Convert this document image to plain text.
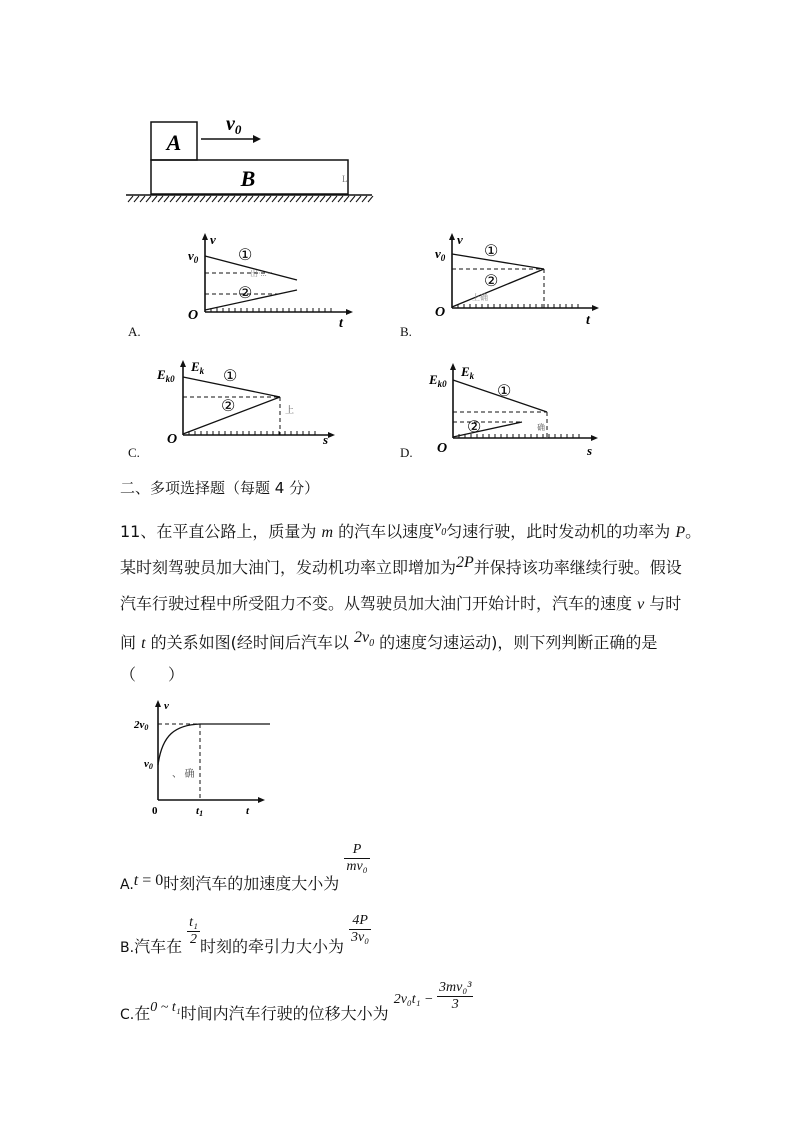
A
B
$v_0$
L
A.
$v_0$
v
t
O
①
②
出·...·
B.
$v_0$
v
t
O
①
②
上确
C.
$E_{k0}$
$E_k$
s
O
①
②	上
D.
$E_{k0}$
$E_k$
s
O
①
②	确
二、多项选择题（每题 4 分）
11、在平直公路上，质量为 m 的汽车以速度$v_0$匀速行驶，此时发动机的功率为 P。
某时刻驾驶员加大油门，发动机功率立即增加为2P并保持该功率继续行驶。假设
汽车行驶过程中所受阻力不变。从驾驶员加大油门开始计时，汽车的速度 v 与时
间 t 的关系如图(经时间后汽车以 $2v_0$ 的速度匀速运动)，则下列判断正确的是
（　　）
v
2v0
v0
0	t1	t
、 确
A.t = 0时刻汽车的加速度大小为
$\frac{P}{\text{mv₀}}$
B.汽车在 $\frac{\text{t₁}}{2}$ 时刻的牵引力大小为
$\frac{4P}{\text{3v₀}}$
C.在0 ~ t₁时间内汽车行驶的位移大小为 $2v_0t_1 - \frac{\text{3mv₀³}}{3}$
